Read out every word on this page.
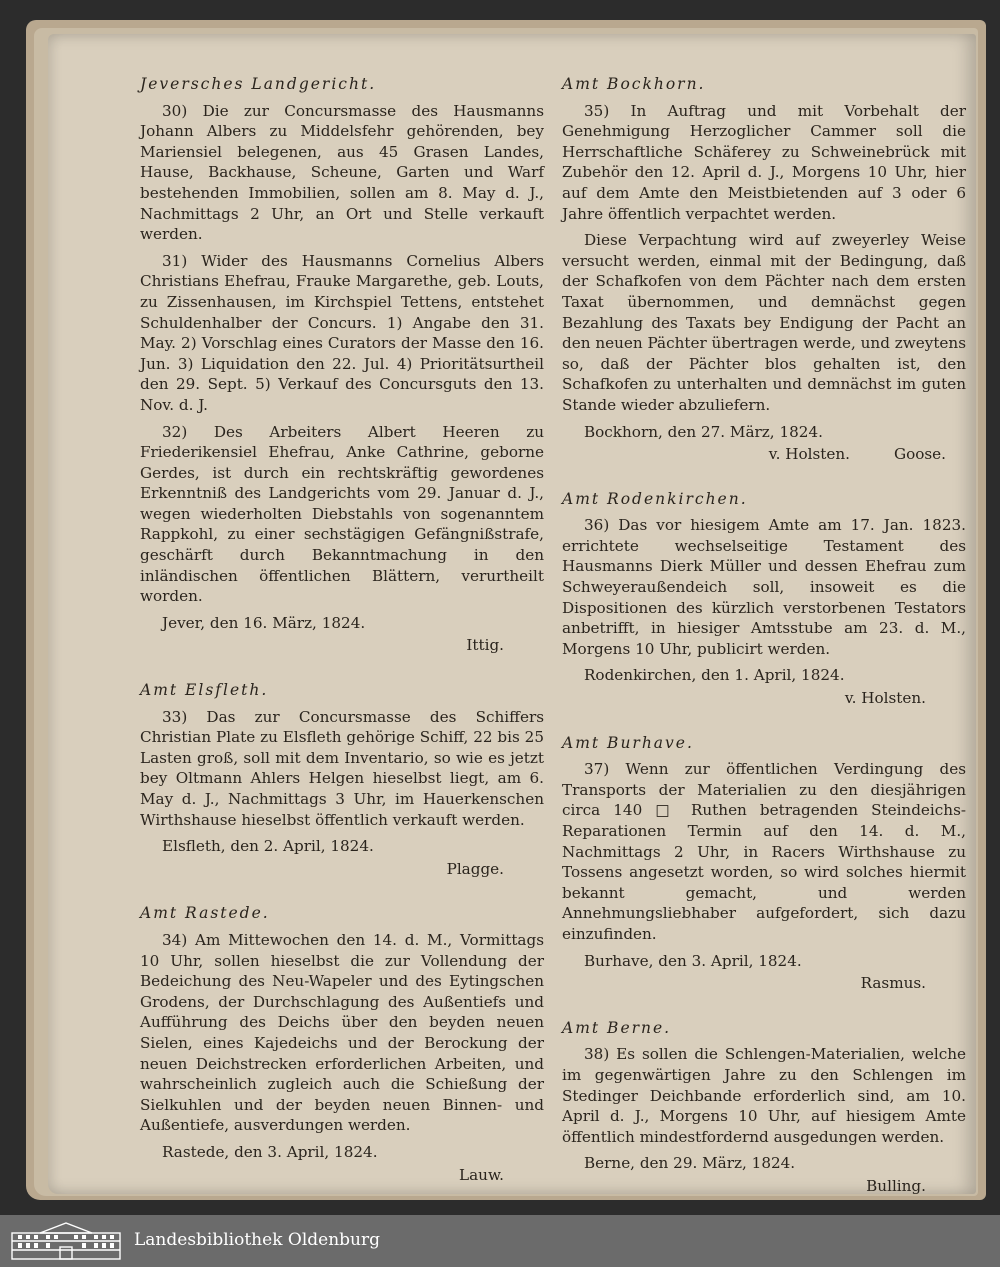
Jeversches Landgericht.

30) Die zur Concursmasse des Hausmanns Johann Albers zu Middelsfehr gehörenden, bey Mariensiel belegenen, aus 45 Grasen Landes, Hause, Backhause, Scheune, Garten und Warf bestehenden Immobilien, sollen am 8. May d. J., Nachmittags 2 Uhr, an Ort und Stelle verkauft werden.

31) Wider des Hausmanns Cornelius Albers Christians Ehefrau, Frauke Margarethe, geb. Louts, zu Zissenhausen, im Kirchspiel Tettens, entstehet Schuldenhalber der Concurs. 1) Angabe den 31. May. 2) Vorschlag eines Curators der Masse den 16. Jun. 3) Liquidation den 22. Jul. 4) Prioritätsurtheil den 29. Sept. 5) Verkauf des Concursguts den 13. Nov. d. J.

32) Des Arbeiters Albert Heeren zu Friederikensiel Ehefrau, Anke Cathrine, geborne Gerdes, ist durch ein rechtskräftig gewordenes Erkenntniß des Landgerichts vom 29. Januar d. J., wegen wiederholten Diebstahls von sogenanntem Rappkohl, zu einer sechstägigen Gefängnißstrafe, geschärft durch Bekanntmachung in den inländischen öffentlichen Blättern, verurtheilt worden.

Jever, den 16. März, 1824.

Ittig.
Amt Elsfleth.

33) Das zur Concursmasse des Schiffers Christian Plate zu Elsfleth gehörige Schiff, 22 bis 25 Lasten groß, soll mit dem Inventario, so wie es jetzt bey Oltmann Ahlers Helgen hieselbst liegt, am 6. May d. J., Nachmittags 3 Uhr, im Hauerkenschen Wirthshause hieselbst öffentlich verkauft werden.

Elsfleth, den 2. April, 1824.

Plagge.
Amt Rastede.

34) Am Mittewochen den 14. d. M., Vormittags 10 Uhr, sollen hieselbst die zur Vollendung der Bedeichung des Neu-Wapeler und des Eytingschen Grodens, der Durchschlagung des Außentiefs und Aufführung des Deichs über den beyden neuen Sielen, eines Kajedeichs und der Berockung der neuen Deichstrecken erforderlichen Arbeiten, und wahrscheinlich zugleich auch die Schießung der Sielkuhlen und der beyden neuen Binnen- und Außentiefe, ausverdungen werden.

Rastede, den 3. April, 1824.

Lauw.
Amt Bockhorn.

35) In Auftrag und mit Vorbehalt der Genehmigung Herzoglicher Cammer soll die Herrschaftliche Schäferey zu Schweinebrück mit Zubehör den 12. April d. J., Morgens 10 Uhr, hier auf dem Amte den Meistbietenden auf 3 oder 6 Jahre öffentlich verpachtet werden.

Diese Verpachtung wird auf zweyerley Weise versucht werden, einmal mit der Bedingung, daß der Schafkofen von dem Pächter nach dem ersten Taxat übernommen, und demnächst gegen Bezahlung des Taxats bey Endigung der Pacht an den neuen Pächter übertragen werde, und zweytens so, daß der Pächter blos gehalten ist, den Schafkofen zu unterhalten und demnächst im guten Stande wieder abzuliefern.

Bockhorn, den 27. März, 1824.

v. Holsten.	Goose.
Amt Rodenkirchen.

36) Das vor hiesigem Amte am 17. Jan. 1823. errichtete wechselseitige Testament des Hausmanns Dierk Müller und dessen Ehefrau zum Schweyeraußendeich soll, insoweit es die Dispositionen des kürzlich verstorbenen Testators anbetrifft, in hiesiger Amtsstube am 23. d. M., Morgens 10 Uhr, publicirt werden.

Rodenkirchen, den 1. April, 1824.

v. Holsten.
Amt Burhave.

37) Wenn zur öffentlichen Verdingung des Transports der Materialien zu den diesjährigen circa 140 □ Ruthen betragenden Steindeichs-Reparationen Termin auf den 14. d. M., Nachmittags 2 Uhr, in Racers Wirthshause zu Tossens angesetzt worden, so wird solches hiermit bekannt gemacht, und werden Annehmungsliebhaber aufgefordert, sich dazu einzufinden.

Burhave, den 3. April, 1824.

Rasmus.
Amt Berne.

38) Es sollen die Schlengen-Materialien, welche im gegenwärtigen Jahre zu den Schlengen im Stedinger Deichbande erforderlich sind, am 10. April d. J., Morgens 10 Uhr, auf hiesigem Amte öffentlich mindestfordernd ausgedungen werden.

Berne, den 29. März, 1824.

Bulling.
Landesbibliothek Oldenburg
